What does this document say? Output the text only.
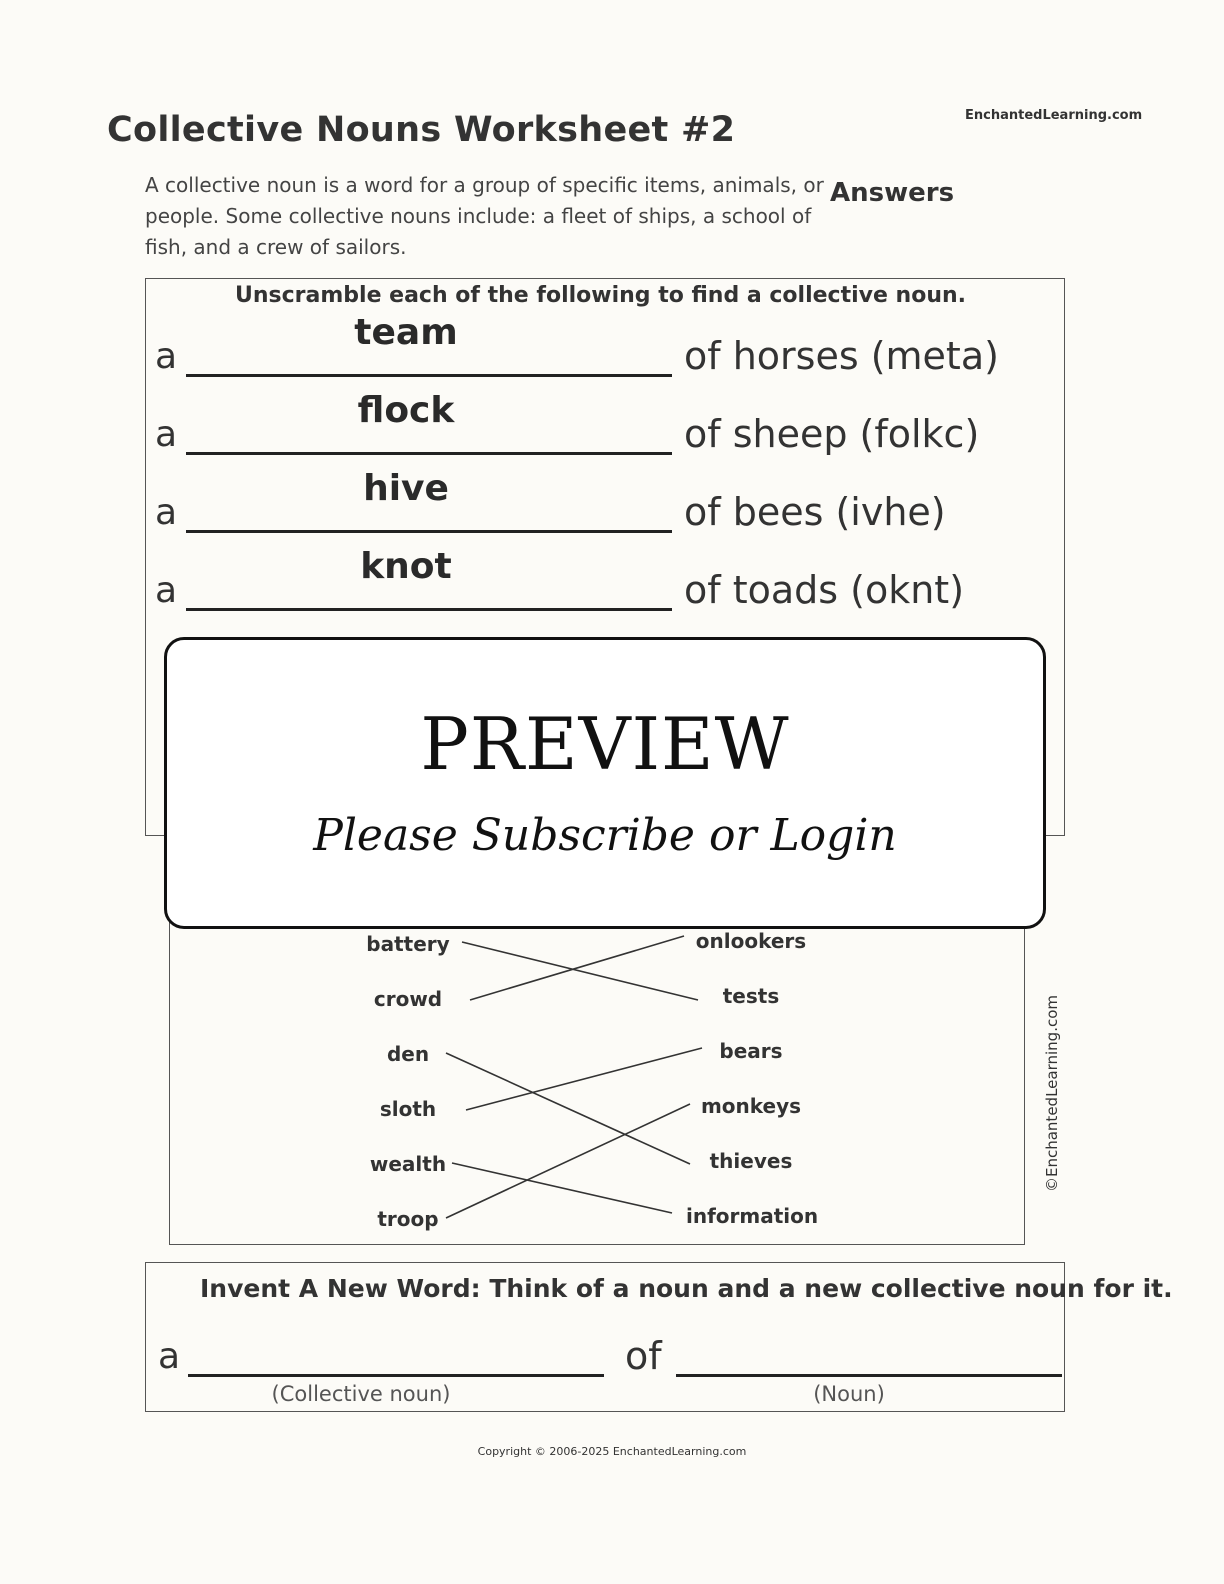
Collective Nouns Worksheet #2	EnchantedLearning.com
A collective noun is a word for a group of specific items, animals, or people. Some collective nouns include: a fleet of ships, a school of fish, and a crew of sailors.
Answers
Unscramble each of the following to find a collective noun.
a
team
of horses (meta)
a
flock
of sheep (folkc)
a
hive
of bees (ivhe)
a
knot
of toads (oknt)
battery
crowd
den
sloth
wealth
troop
onlookers
tests
bears
monkeys
thieves
information
©EnchantedLearning.com
Invent A New Word: Think of a noun and a new collective noun for it.
a	of
(Collective noun)	(Noun)
Copyright © 2006-2025 EnchantedLearning.com
PREVIEW
Please Subscribe or Login
